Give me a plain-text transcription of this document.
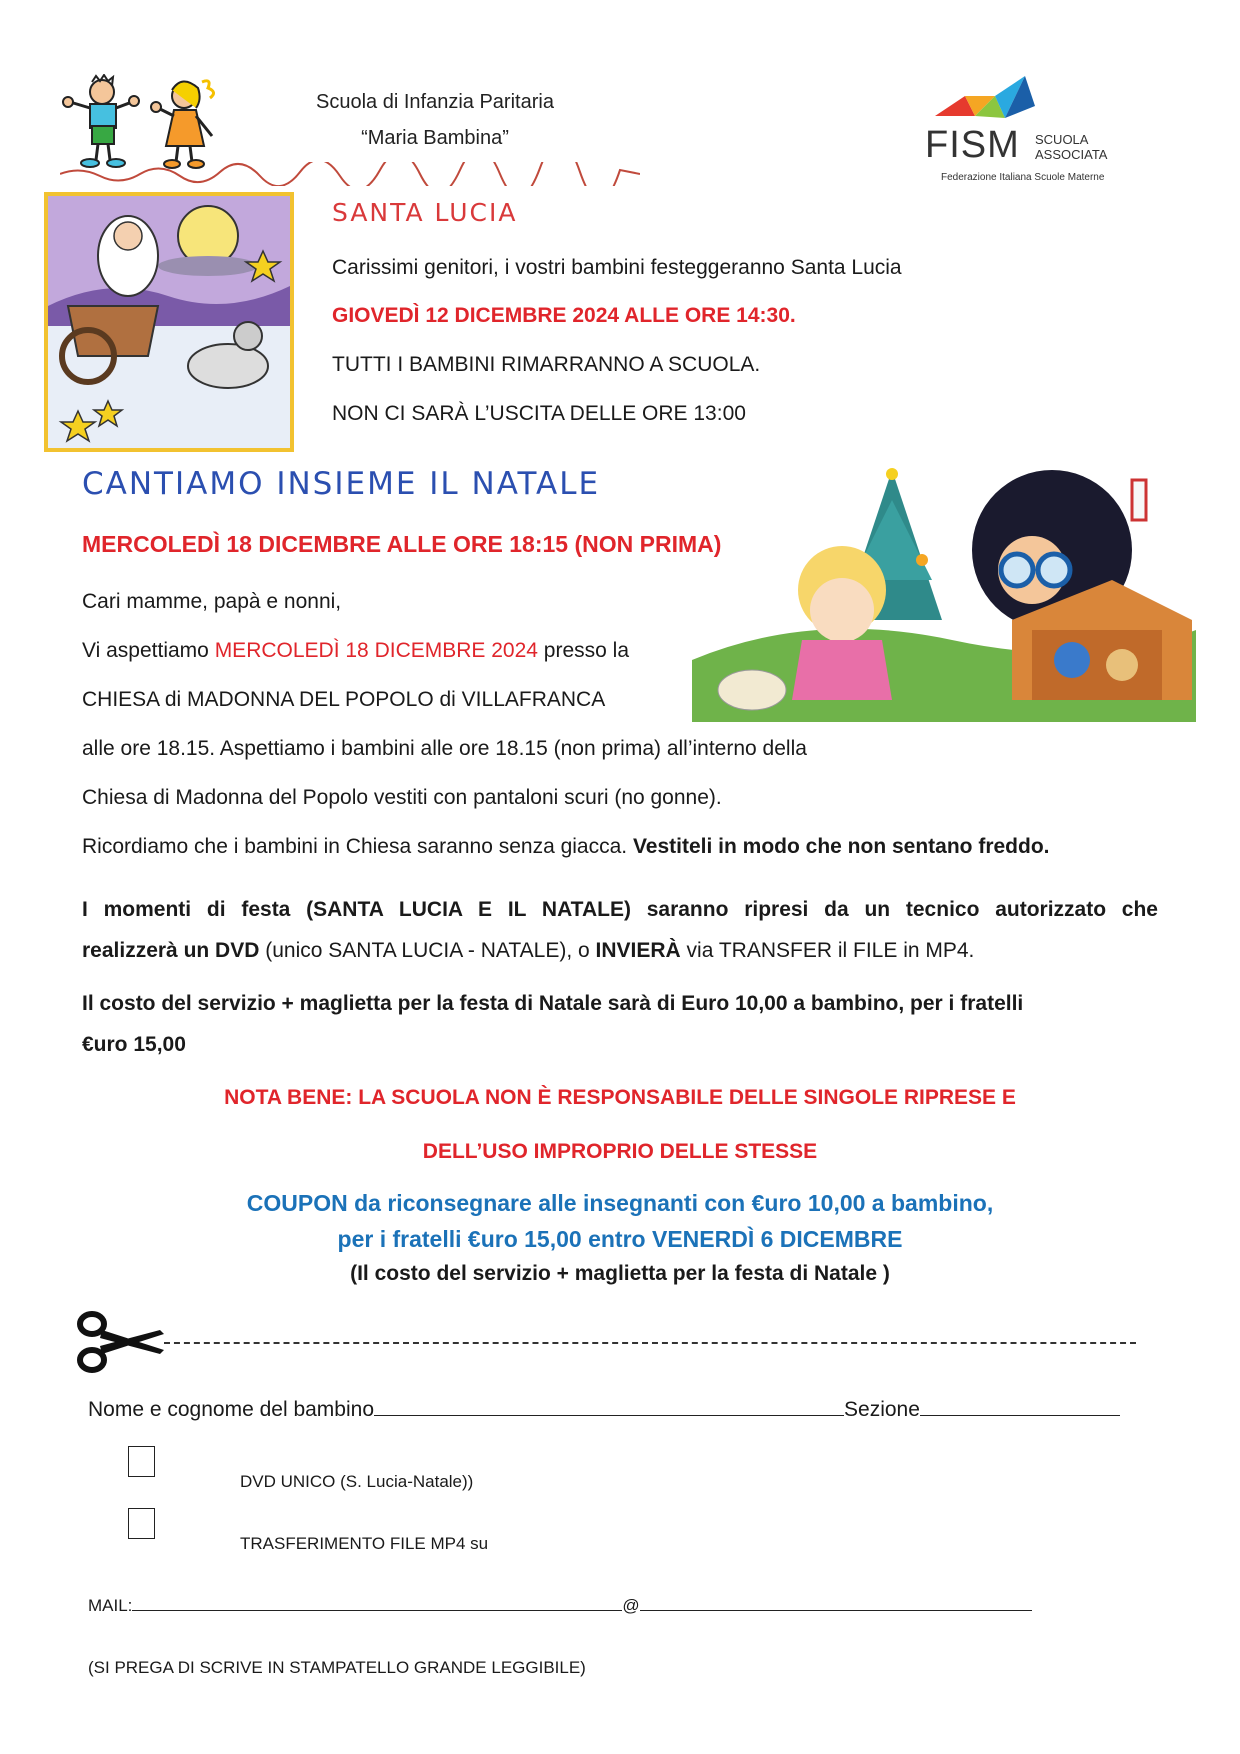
Scuola di Infanzia Paritaria
“Maria Bambina”	FISM SCUOLA
ASSOCIATA
Federazione Italiana Scuole Materne
SANTA LUCIA
Carissimi genitori, i vostri bambini festeggeranno Santa Lucia
GIOVEDÌ 12 DICEMBRE 2024 ALLE ORE 14:30.
TUTTI I BAMBINI RIMARRANNO A SCUOLA.
NON CI SARÀ L’USCITA DELLE ORE 13:00
CANTIAMO INSIEME IL NATALE
MERCOLEDÌ 18 DICEMBRE ALLE ORE 18:15 (NON PRIMA)
Cari mamme, papà e nonni,
Vi aspettiamo MERCOLEDÌ 18 DICEMBRE 2024 presso la
CHIESA di MADONNA DEL POPOLO di VILLAFRANCA
alle ore 18.15. Aspettiamo i bambini alle ore 18.15 (non prima) all’interno della
Chiesa di Madonna del Popolo vestiti con pantaloni scuri (no gonne).
Ricordiamo che i bambini in Chiesa saranno senza giacca. Vestiteli in modo che non sentano freddo.
I momenti di festa (SANTA LUCIA E IL NATALE) saranno ripresi da un tecnico autorizzato che
realizzerà un DVD (unico SANTA LUCIA - NATALE), o INVIERÀ via TRANSFER il FILE in MP4.
Il costo del servizio + maglietta per la festa di Natale sarà di Euro 10,00 a bambino, per i fratelli
€uro 15,00
NOTA BENE: LA SCUOLA NON È RESPONSABILE DELLE SINGOLE RIPRESE E
DELL’USO IMPROPRIO DELLE STESSE
COUPON da riconsegnare alle insegnanti con €uro 10,00 a bambino,
per i fratelli €uro 15,00 entro VENERDÌ 6 DICEMBRE
(Il costo del servizio + maglietta per la festa di Natale )
Nome e cognome del bambino	Sezione
DVD UNICO (S. Lucia-Natale))
TRASFERIMENTO FILE MP4 su
MAIL:	@
(SI PREGA DI SCRIVE IN STAMPATELLO GRANDE LEGGIBILE)
